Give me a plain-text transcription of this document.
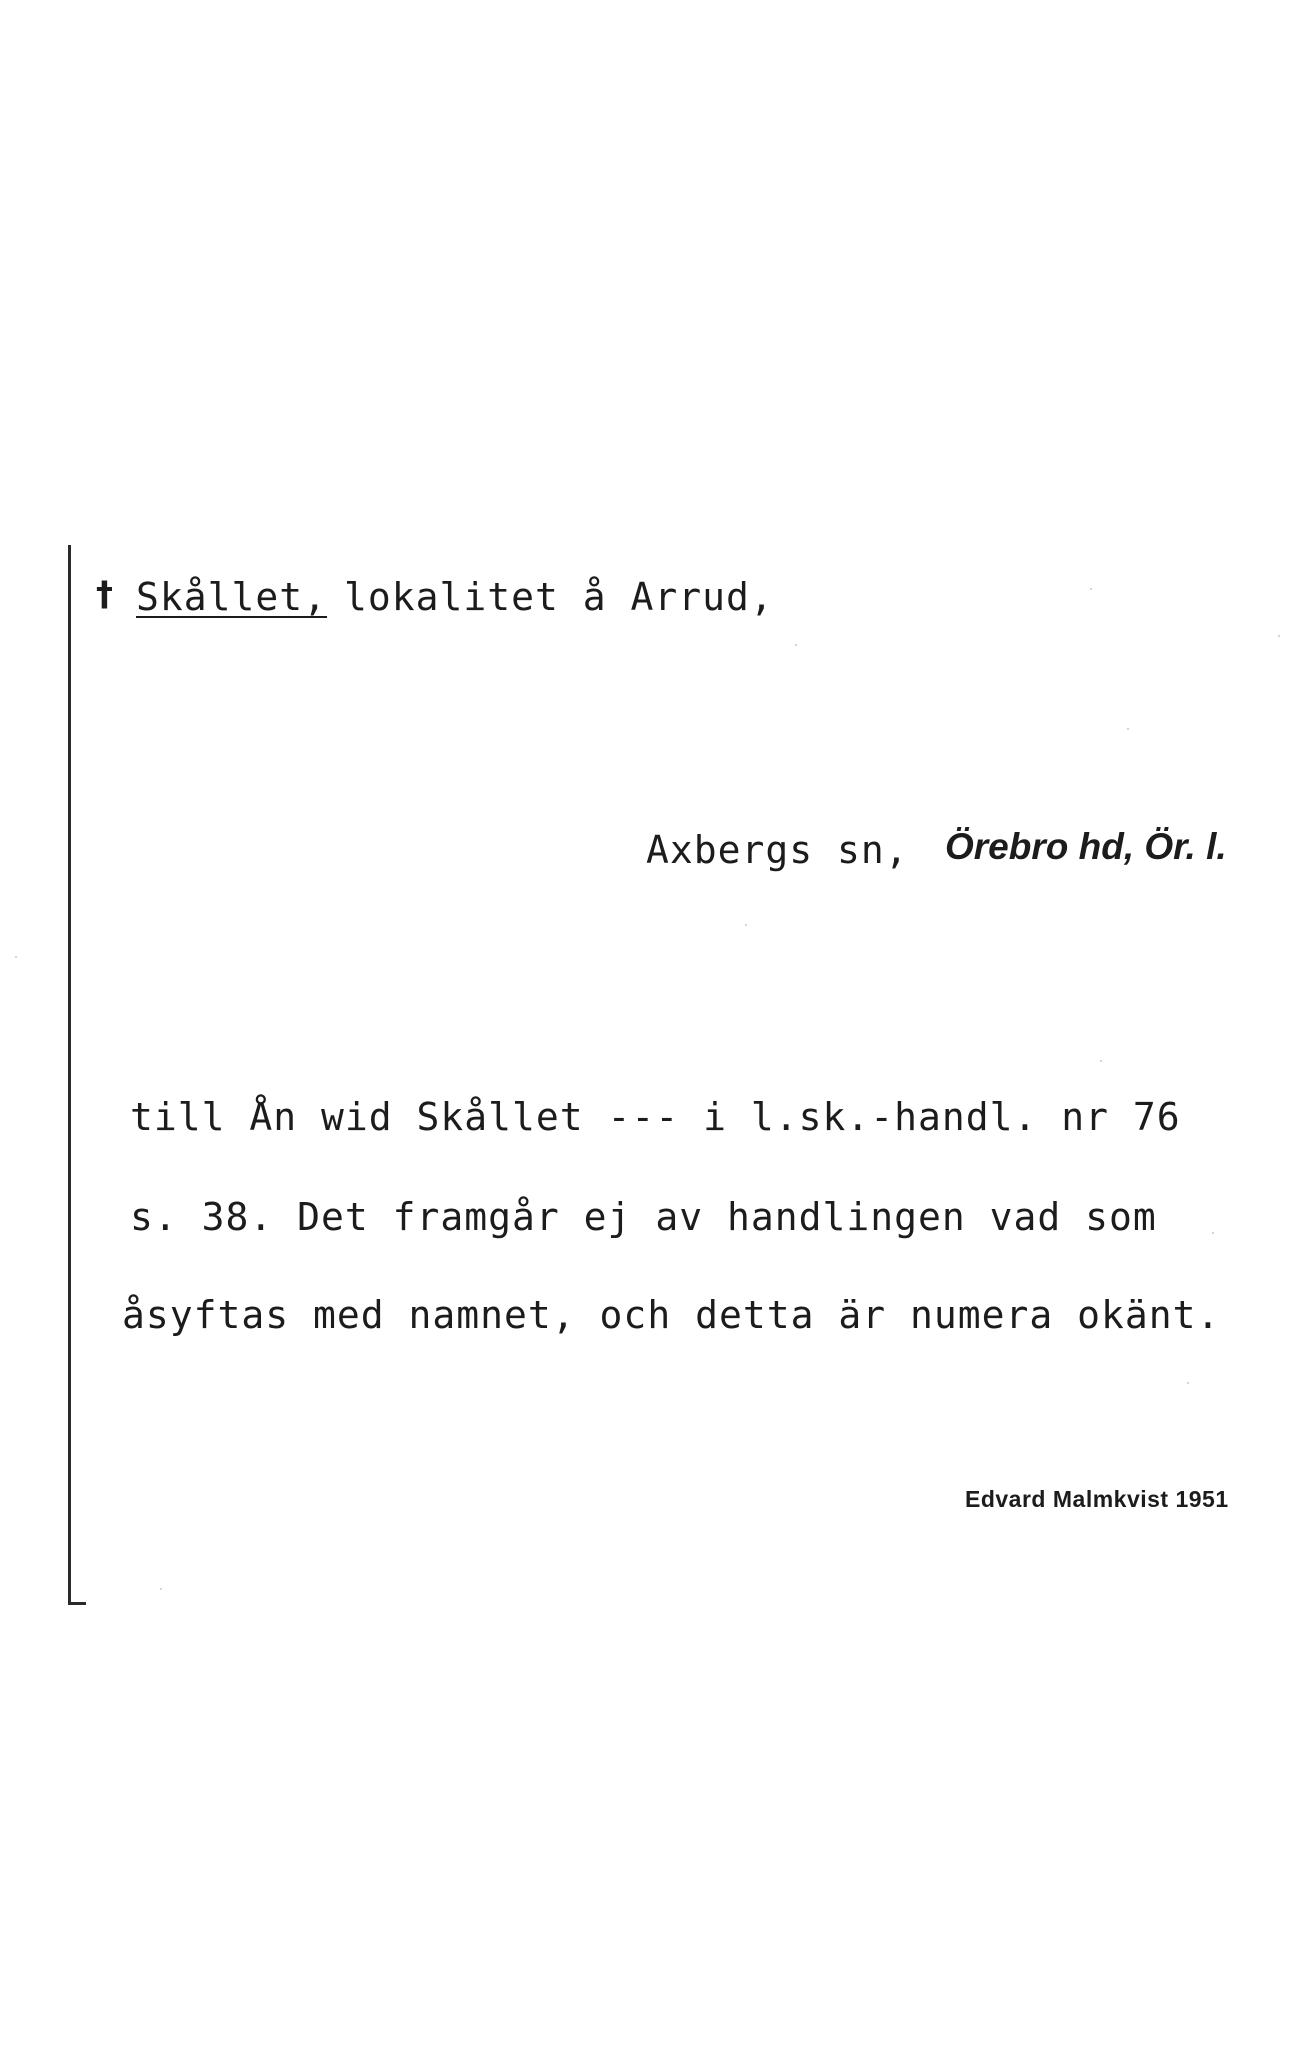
† Skållet, lokalitet å Arrud,
Axbergs sn, Örebro hd, Ör. l.
till Ån wid Skållet --- i l.sk.-handl. nr 76
s. 38. Det framgår ej av handlingen vad som
åsyftas med namnet, och detta är numera okänt.
Edvard Malmkvist 1951
